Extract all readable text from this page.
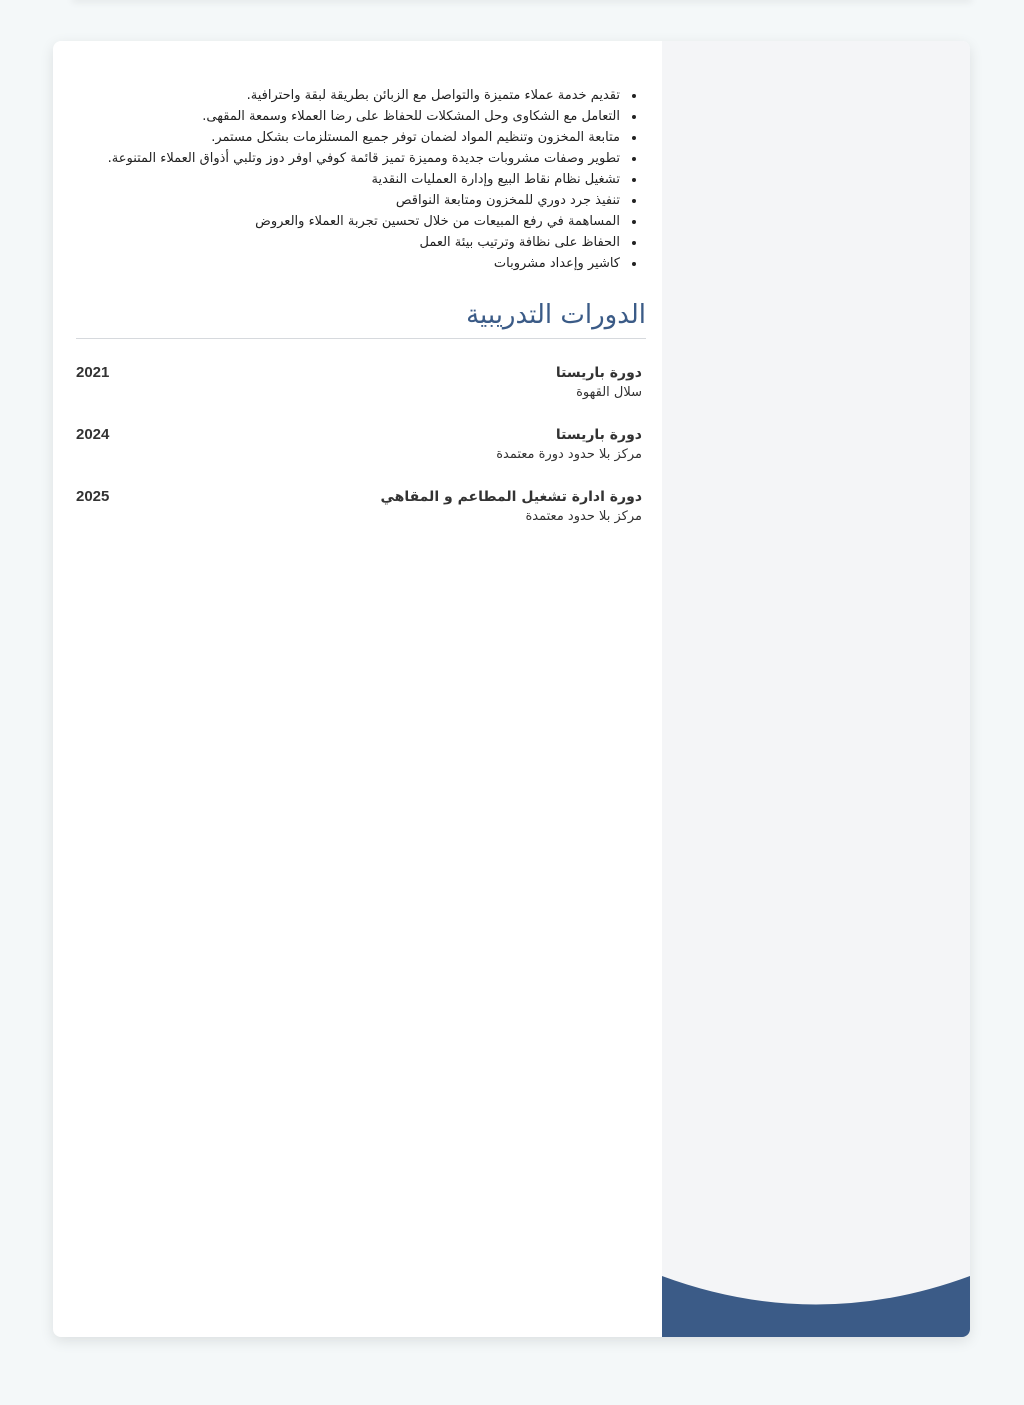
• تقديم خدمة عملاء متميزة والتواصل مع الزبائن بطريقة لبقة واحترافية.
• التعامل مع الشكاوى وحل المشكلات للحفاظ على رضا العملاء وسمعة المقهى.
• متابعة المخزون وتنظيم المواد لضمان توفر جميع المستلزمات بشكل مستمر.
• تطوير وصفات مشروبات جديدة ومميزة تميز قائمة كوفي اوفر دوز وتلبي أذواق العملاء المتنوعة.
• تشغيل نظام نقاط البيع وإدارة العمليات النقدية
• تنفيذ جرد دوري للمخزون ومتابعة النواقص
• المساهمة في رفع المبيعات من خلال تحسين تجربة العملاء والعروض
• الحفاظ على نظافة وترتيب بيئة العمل
• كاشير وإعداد مشروبات
الدورات التدريبية
دورة باريستا
سلال القهوة
2021
دورة باريستا
مركز بلا حدود دورة معتمدة
2024
دورة ادارة تشغيل المطاعم و المقاهي
مركز بلا حدود معتمدة
2025
